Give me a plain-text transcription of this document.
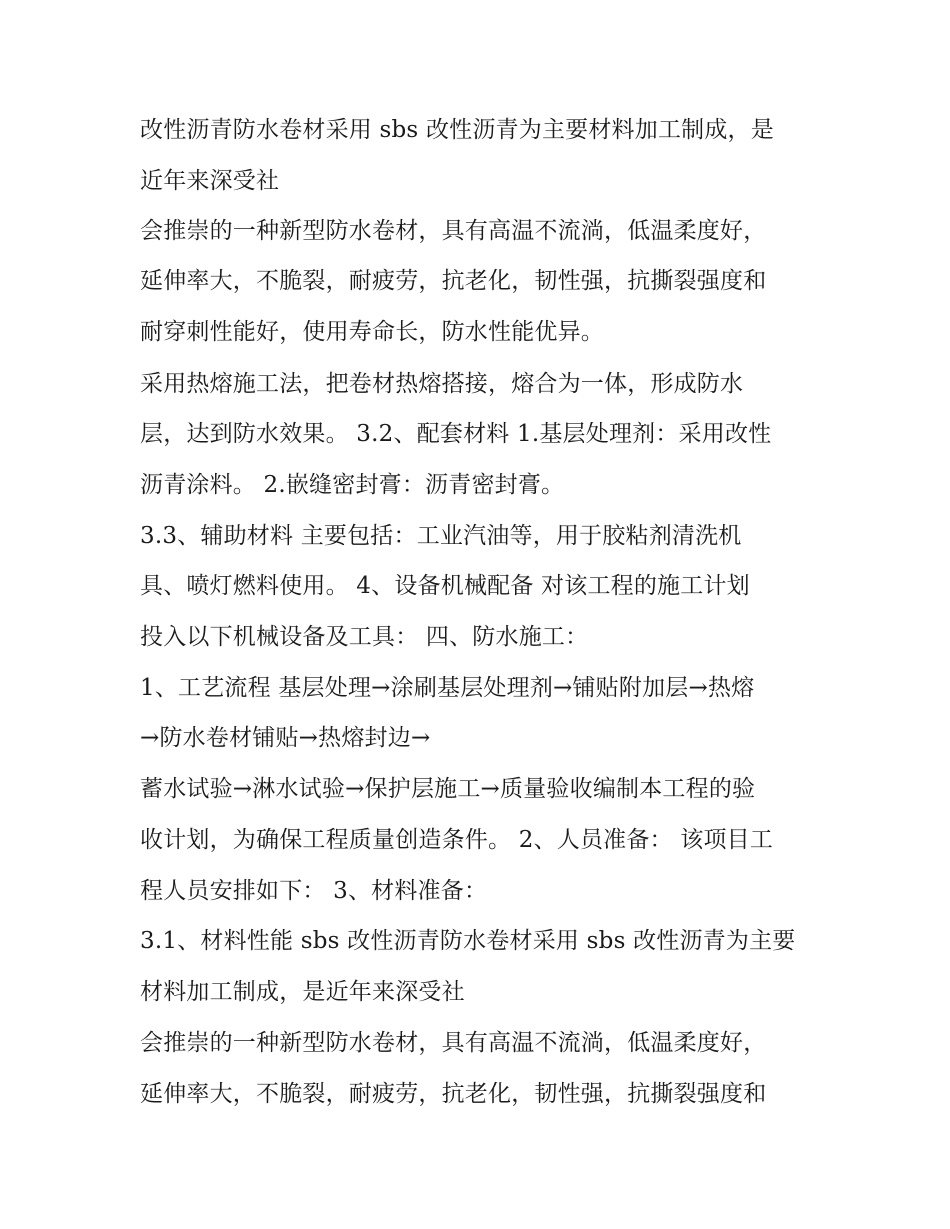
改性沥青防水卷材采用 sbs 改性沥青为主要材料加工制成，是
近年来深受社
会推崇的一种新型防水卷材，具有高温不流淌，低温柔度好，
延伸率大，不脆裂，耐疲劳，抗老化，韧性强，抗撕裂强度和
耐穿刺性能好，使用寿命长，防水性能优异。
采用热熔施工法，把卷材热熔搭接，熔合为一体，形成防水
层，达到防水效果。 3.2、配套材料 1.基层处理剂：采用改性
沥青涂料。 2.嵌缝密封膏：沥青密封膏。
3.3、辅助材料 主要包括：工业汽油等，用于胶粘剂清洗机
具、喷灯燃料使用。 4、设备机械配备 对该工程的施工计划
投入以下机械设备及工具： 四、防水施工：
1、工艺流程 基层处理→涂刷基层处理剂→铺贴附加层→热熔
→防水卷材铺贴→热熔封边→
蓄水试验→淋水试验→保护层施工→质量验收编制本工程的验
收计划，为确保工程质量创造条件。 2、人员准备： 该项目工
程人员安排如下： 3、材料准备：
3.1、材料性能 sbs 改性沥青防水卷材采用 sbs 改性沥青为主要
材料加工制成，是近年来深受社
会推崇的一种新型防水卷材，具有高温不流淌，低温柔度好，
延伸率大，不脆裂，耐疲劳，抗老化，韧性强，抗撕裂强度和
